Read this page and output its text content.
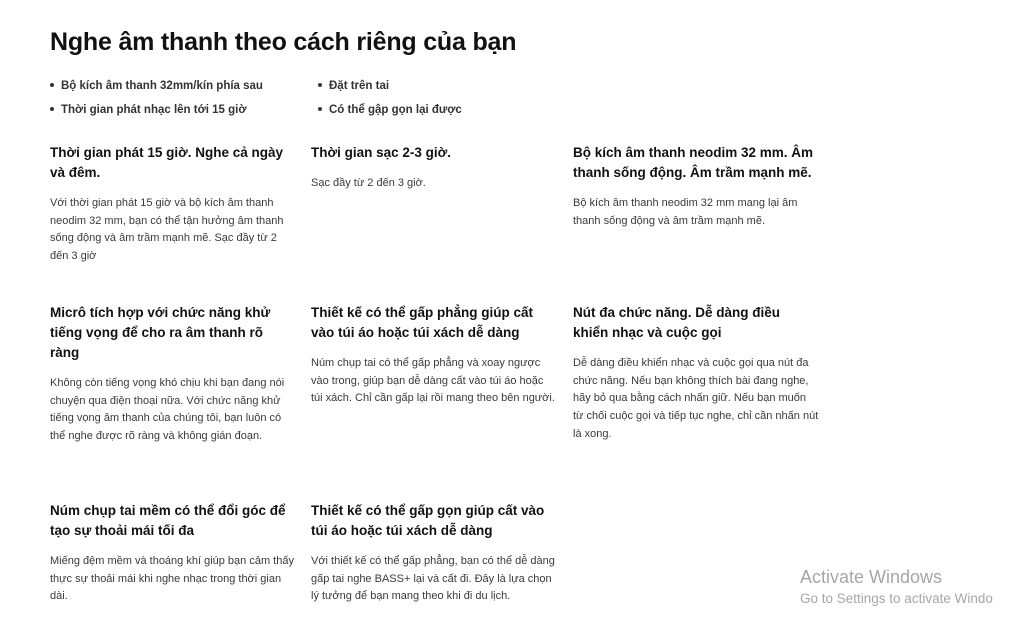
Nghe âm thanh theo cách riêng của bạn
Bộ kích âm thanh 32mm/kín phía sau	Đặt trên tai
Thời gian phát nhạc lên tới 15 giờ	Có thể gập gọn lại được
Thời gian phát 15 giờ. Nghe cả ngày và đêm.

Với thời gian phát 15 giờ và bộ kích âm thanh neodim 32 mm, bạn có thể tận hưởng âm thanh sống động và âm trầm mạnh mẽ. Sạc đầy từ 2 đến 3 giờ

Thời gian sạc 2-3 giờ.

Sạc đầy từ 2 đến 3 giờ.

Bộ kích âm thanh neodim 32 mm. Âm thanh sống động. Âm trầm mạnh mẽ.

Bộ kích âm thanh neodim 32 mm mang lại âm thanh sống động và âm trầm mạnh mẽ.

Micrô tích hợp với chức năng khử tiếng vọng để cho ra âm thanh rõ ràng

Không còn tiếng vọng khó chịu khi bạn đang nói chuyện qua điện thoại nữa. Với chức năng khử tiếng vọng âm thanh của chúng tôi, bạn luôn có thể nghe được rõ ràng và không gián đoạn.

Thiết kế có thể gấp phẳng giúp cất vào túi áo hoặc túi xách dễ dàng

Núm chụp tai có thể gấp phẳng và xoay ngược vào trong, giúp bạn dễ dàng cất vào túi áo hoặc túi xách. Chỉ cần gấp lại rồi mang theo bên người.

Nút đa chức năng. Dễ dàng điều khiển nhạc và cuộc gọi

Dễ dàng điều khiển nhạc và cuộc gọi qua nút đa chức năng. Nếu bạn không thích bài đang nghe, hãy bỏ qua bằng cách nhấn giữ. Nếu bạn muốn từ chối cuộc gọi và tiếp tục nghe, chỉ cần nhấn nút là xong.

Núm chụp tai mềm có thể đổi góc để tạo sự thoải mái tối đa

Miếng đệm mềm và thoáng khí giúp bạn cảm thấy thực sự thoải mái khi nghe nhạc trong thời gian dài.

Thiết kế có thể gấp gọn giúp cất vào túi áo hoặc túi xách dễ dàng

Với thiết kế có thể gấp phẳng, bạn có thể dễ dàng gấp tai nghe BASS+ lại và cất đi. Đây là lựa chọn lý tưởng để bạn mang theo khi đi du lịch.

Activate Windows
Go to Settings to activate Windo
